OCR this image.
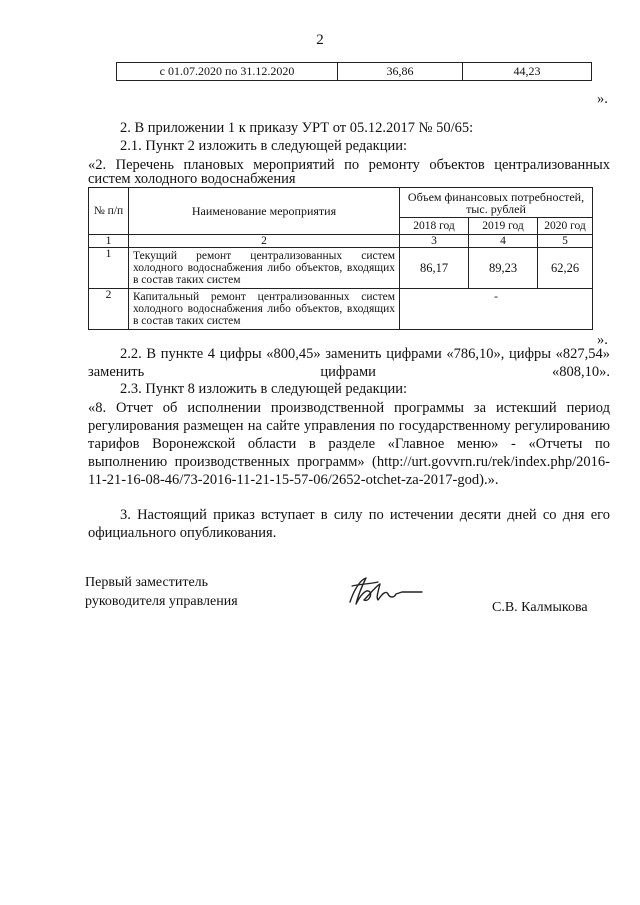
2
с 01.07.2020 по 31.12.2020	36,86	44,23
».
2. В приложении 1 к приказу УРТ от 05.12.2017 № 50/65:
2.1. Пункт 2 изложить в следующей редакции:
«2. Перечень плановых мероприятий по ремонту объектов централизованных
систем холодного водоснабжения
№ п/п	Наименование мероприятия	Объем финансовых потребностей, тыс. рублей		
		2018 год	2019 год	2020 год
1	2	3	4	5
1	Текущий ремонт централизованных систем холодного водоснабжения либо объектов, входящих в состав таких систем	86,17	89,23	62,26
2	Капитальный ремонт централизованных систем холодного водоснабжения либо объектов, входящих в состав таких систем	-		
».
2.2. В пункте 4 цифры «800,45» заменить цифрами «786,10», цифры «827,54» заменить цифрами «808,10».
2.3. Пункт 8 изложить в следующей редакции:
«8. Отчет об исполнении производственной программы за истекший период регулирования размещен на сайте управления по государственному регулированию тарифов Воронежской области в разделе «Главное меню» - «Отчеты по выполнению производственных программ» (http://urt.govvrn.ru/rek/index.php/2016-11-21-16-08-46/73-2016-11-21-15-57-06/2652-otchet-za-2017-god).».
3. Настоящий приказ вступает в силу по истечении десяти дней со дня его официального опубликования.
Первый заместитель
руководителя управления	С.В. Калмыкова
